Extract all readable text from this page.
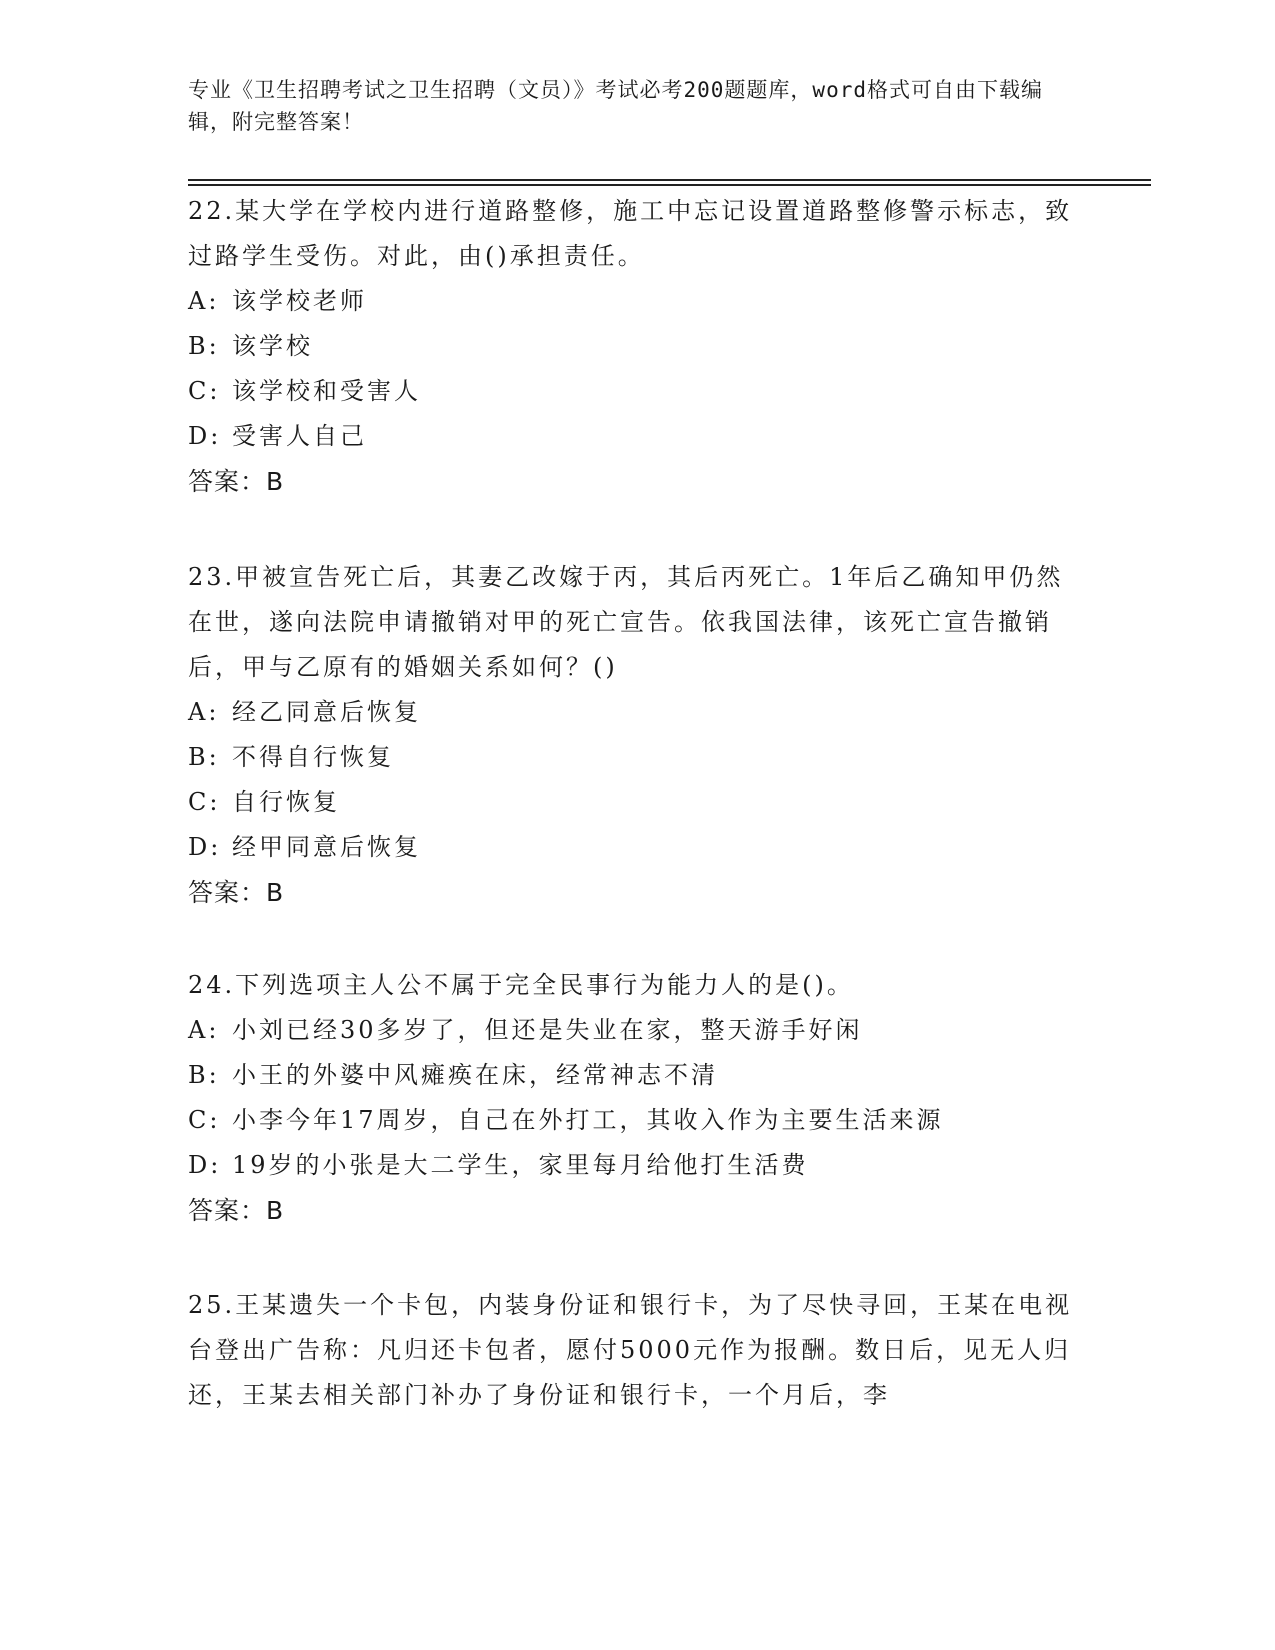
专业《卫生招聘考试之卫生招聘（文员）》考试必考200题题库，word格式可自由下载编辑，附完整答案！

22.某大学在学校内进行道路整修，施工中忘记设置道路整修警示标志，致过路学生受伤。对此，由()承担责任。

A: 该学校老师

B: 该学校

C: 该学校和受害人

D: 受害人自己

答案：B

23.甲被宣告死亡后，其妻乙改嫁于丙，其后丙死亡。1年后乙确知甲仍然在世，遂向法院申请撤销对甲的死亡宣告。依我国法律，该死亡宣告撤销后，甲与乙原有的婚姻关系如何？()

A: 经乙同意后恢复

B: 不得自行恢复

C: 自行恢复

D: 经甲同意后恢复

答案：B

24.下列选项主人公不属于完全民事行为能力人的是()。

A: 小刘已经30多岁了，但还是失业在家，整天游手好闲

B: 小王的外婆中风瘫痪在床，经常神志不清

C: 小李今年17周岁，自己在外打工，其收入作为主要生活来源

D: 19岁的小张是大二学生，家里每月给他打生活费

答案：B

25.王某遗失一个卡包，内装身份证和银行卡，为了尽快寻回，王某在电视台登出广告称：凡归还卡包者，愿付5000元作为报酬。数日后，见无人归还，王某去相关部门补办了身份证和银行卡，一个月后，李
